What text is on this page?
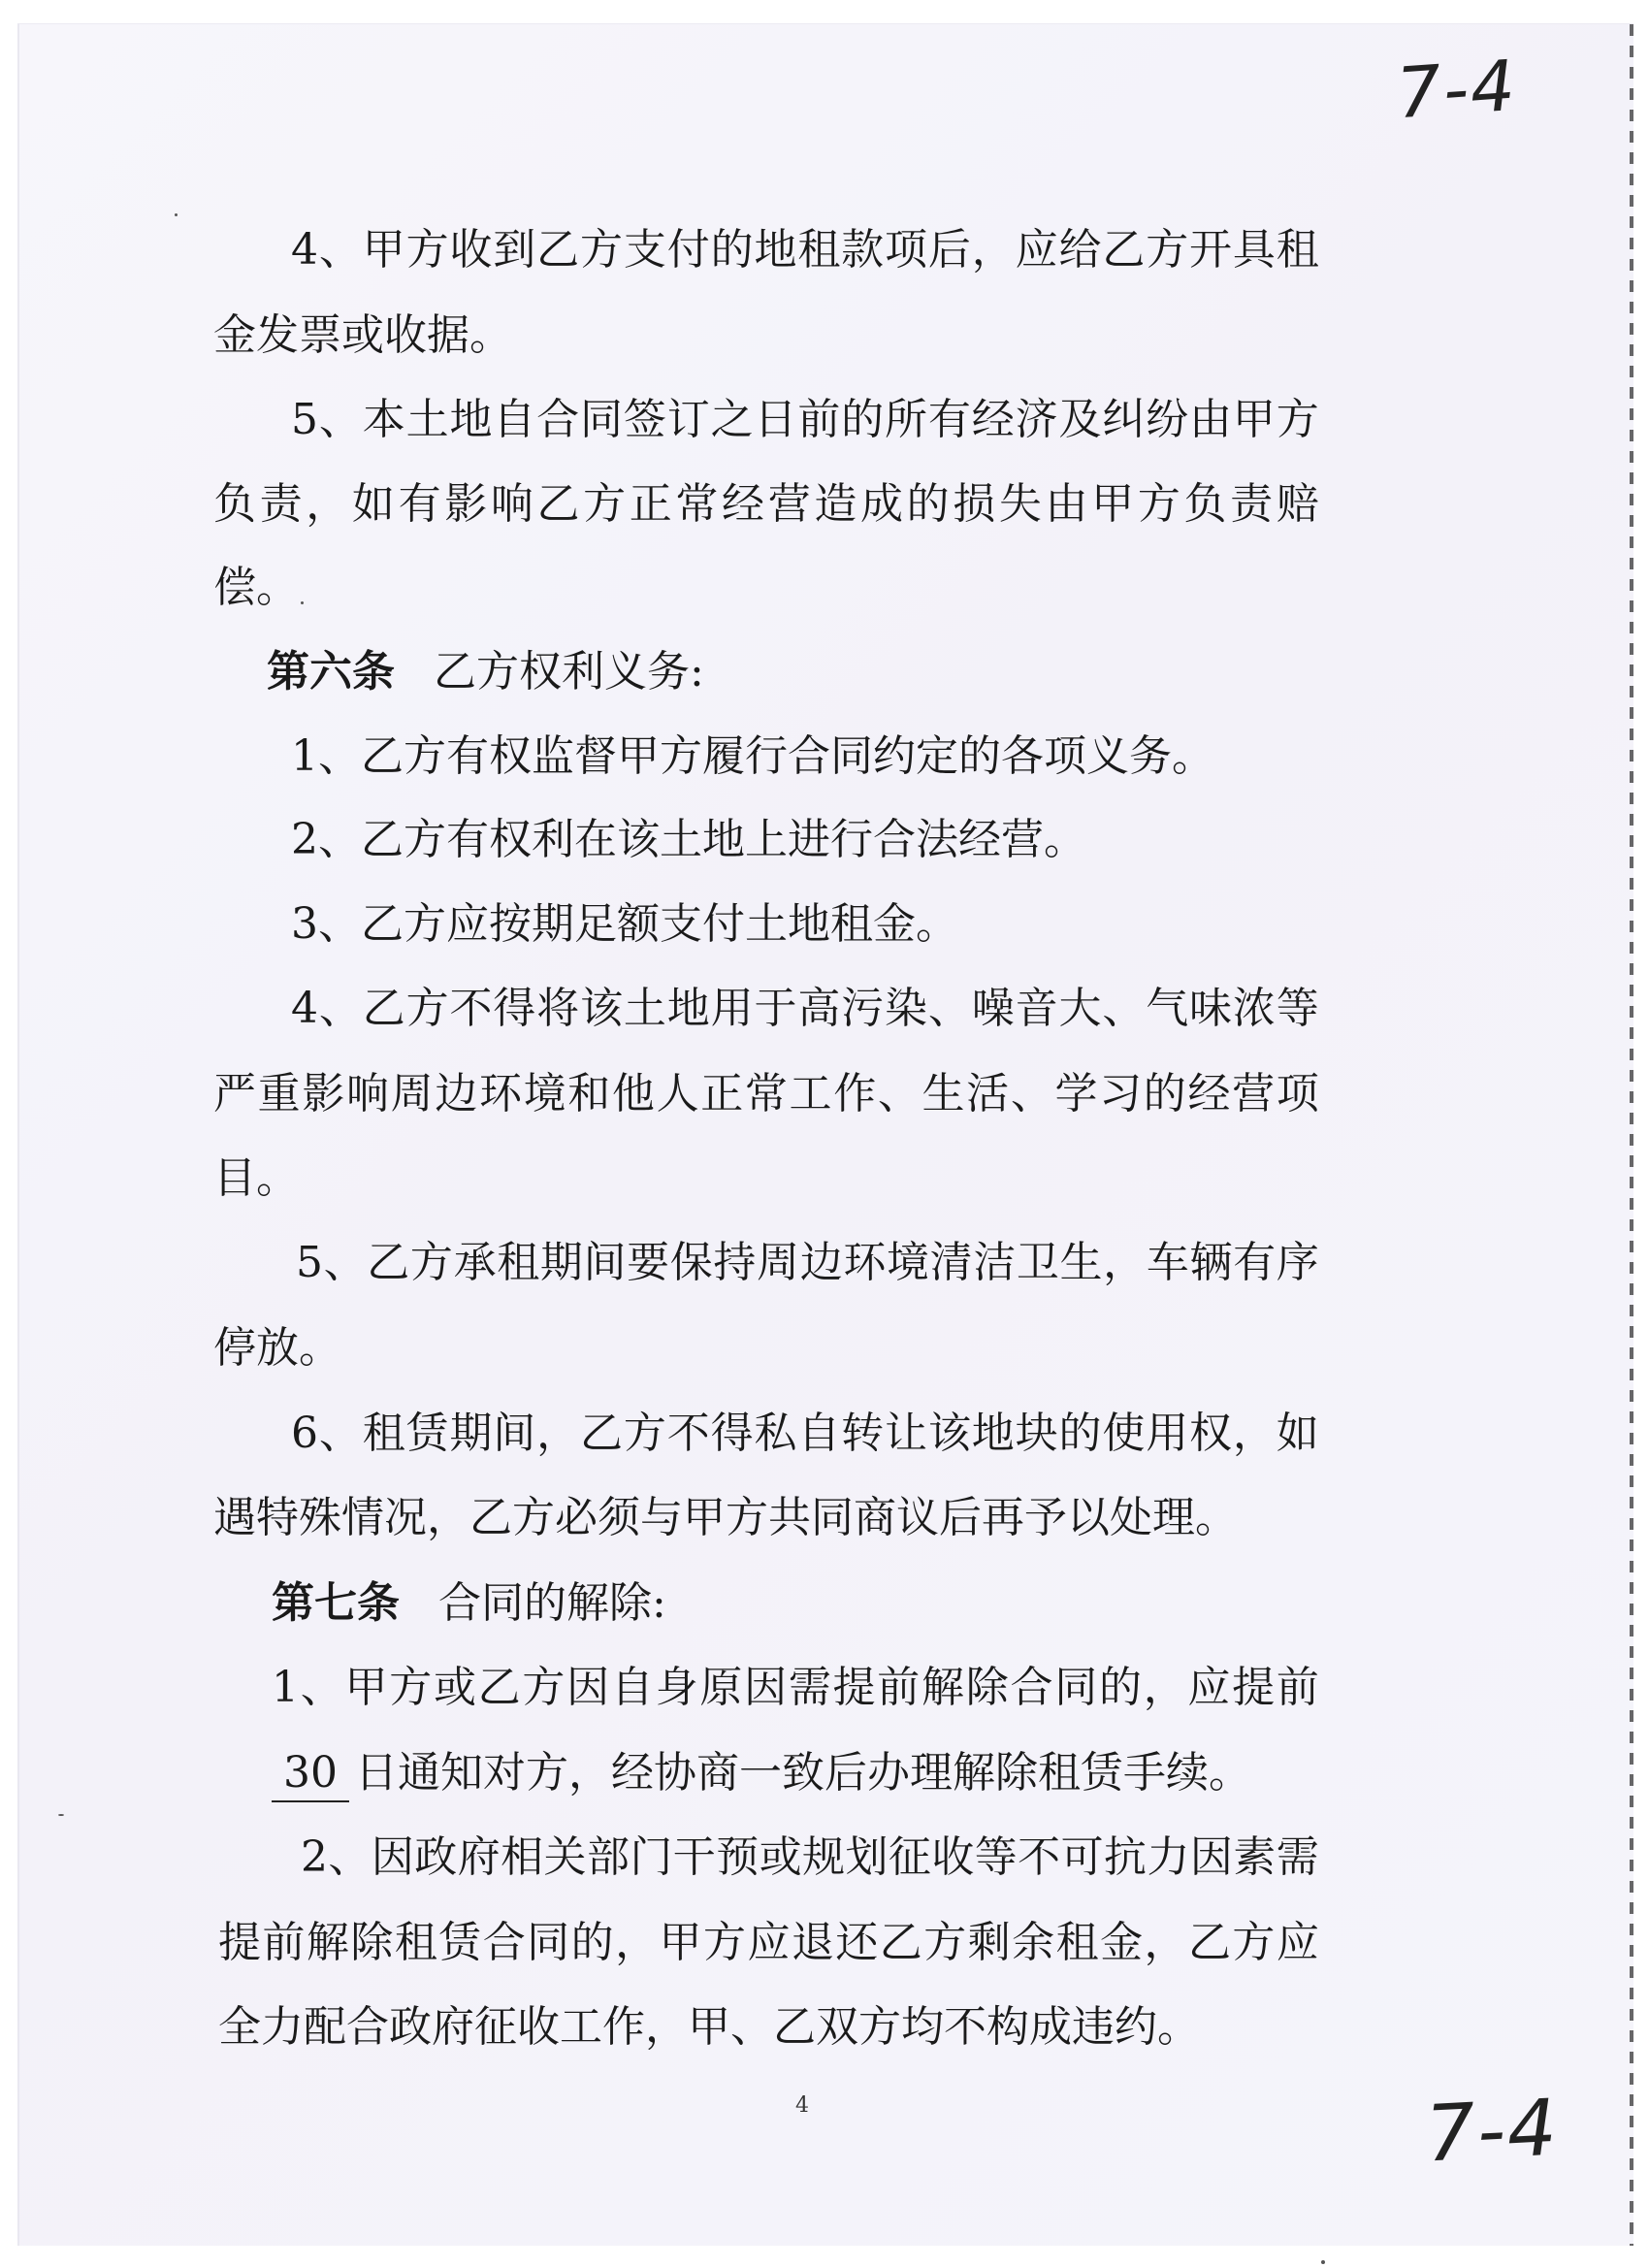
7-4
7-4
4 、 甲 方 收 到 乙 方 支 付 的 地 租 款 项 后 ， 应 给 乙 方 开 具 租
金发票或收据。
5 、 本 土 地 自 合 同 签 订 之 日 前 的 所 有 经 济 及 纠 纷 由 甲 方
负 责 ， 如 有 影 响 乙 方 正 常 经 营 造 成 的 损 失 由 甲 方 负 责 赔
偿。
第六条 乙方权利义务:
1、乙方有权监督甲方履行合同约定的各项义务。
2、乙方有权利在该土地上进行合法经营。
3、乙方应按期足额支付土地租金。
4 、 乙 方 不 得 将 该 土 地 用 于 高 污 染 、 噪 音 大 、 气 味 浓 等
严 重 影 响 周 边 环 境 和 他 人 正 常 工 作 、 生 活 、 学 习 的 经 营 项
目。
5 、 乙 方 承 租 期 间 要 保 持 周 边 环 境 清 洁 卫 生 ， 车 辆 有 序
停放。
6 、 租 赁 期 间 ， 乙 方 不 得 私 自 转 让 该 地 块 的 使 用 权 ， 如
遇特殊情况，乙方必须与甲方共同商议后再予以处理。
第七条 合同的解除:
1 、 甲 方 或 乙 方 因 自 身 原 因 需 提 前 解 除 合 同 的 ， 应 提 前
30 日通知对方，经协商一致后办理解除租赁手续。
2 、 因 政 府 相 关 部 门 干 预 或 规 划 征 收 等 不 可 抗 力 因 素 需
提 前 解 除 租 赁 合 同 的 ， 甲 方 应 退 还 乙 方 剩 余 租 金 ， 乙 方 应
全力配合政府征收工作，甲、乙双方均不构成违约。
4
